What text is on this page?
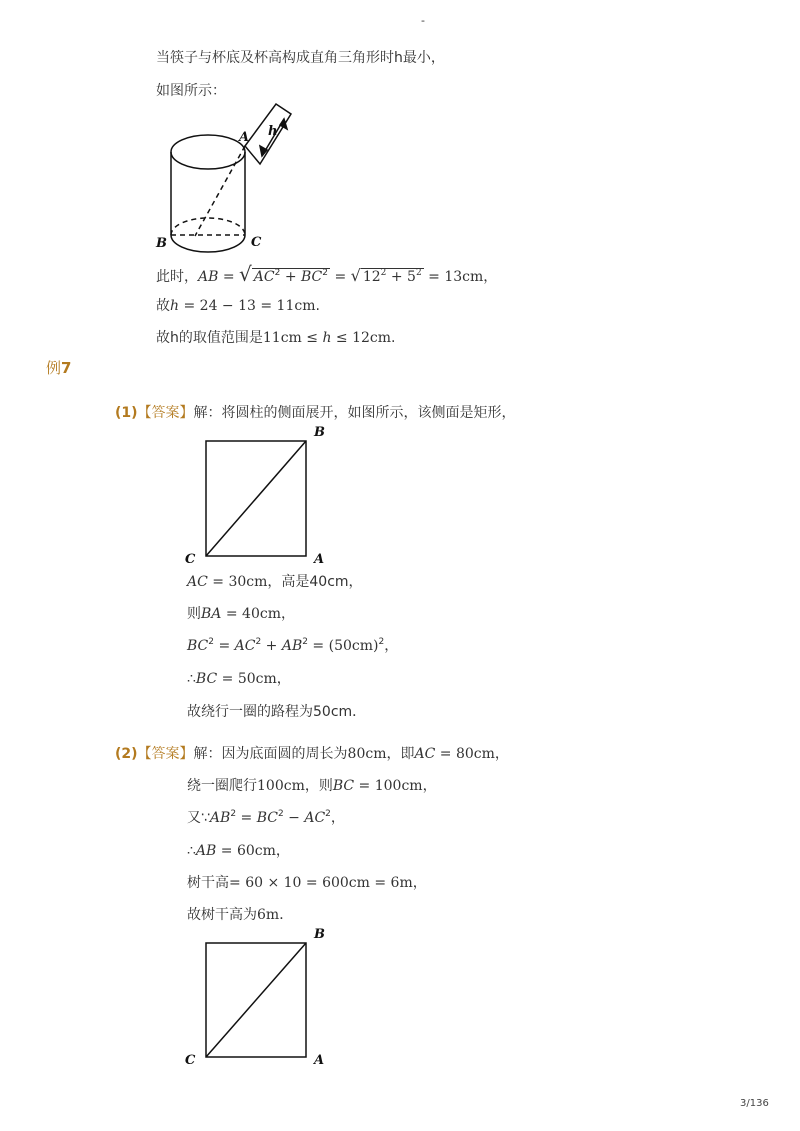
-
当筷子与杯底及杯高构成直角三角形时h最小，
如图所示：
A h
B	C
此时，AB = √ $AC^2 + BC^2$ = √ $12^2 + 5^2 = 13cm$，
故h = 24 − 13 = 11cm.
故h的取值范围是11cm ≤ h ≤ 12cm.
例7
(1)【答案】解：将圆柱的侧面展开，如图所示，该侧面是矩形，
B
C	A
AC = 30cm，高是40cm，
则BA = 40cm，
$BC^2 = AC^2 + AB^2 = (50cm)^2$，
∴BC = 50cm，
故绕行一圈的路程为50cm．
(2)【答案】解：因为底面圆的周长为80cm，即AC = 80cm，
绕一圈爬行100cm，则BC = 100cm，
又$\because AB^2 = BC^2 - AC^2$，
∴AB = 60cm，
树干高= 60 × 10 = 600cm = 6m，
故树干高为6m．
B
C	A
3/136
